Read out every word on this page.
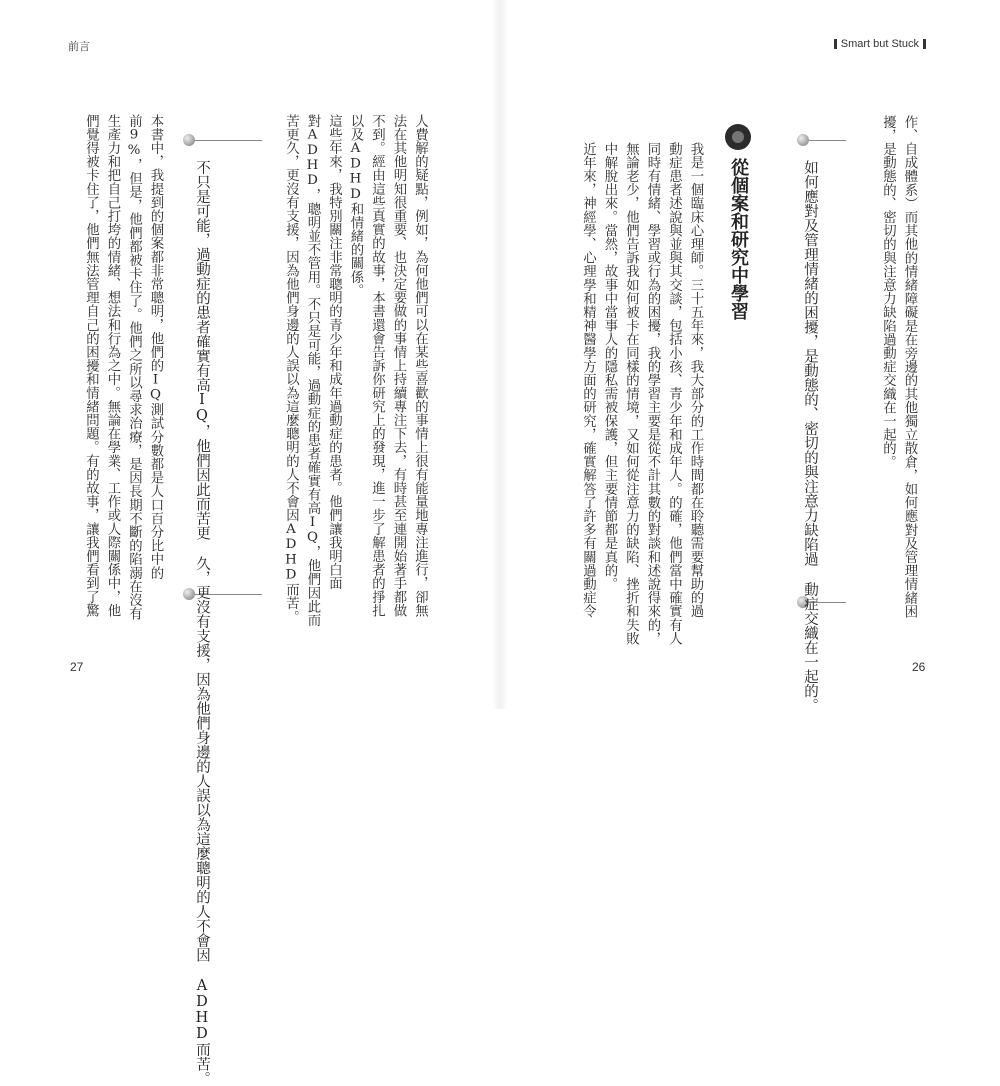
前言	Smart but Stuck
作、自成體系）而其他的情緒障礙是在旁邊的其他獨立散倉，如何應對及管理情緒困
擾，是動態的、密切的與注意力缺陷過動症交織在一起的。
如何應對及管理情緒的困擾，是動態的、密切的與注意力缺陷過 動症交織在一起的。
從個案和研究中學習
我是一個臨床心理師。三十五年來，我大部分的工作時間都在聆聽需要幫助的過
動症患者述說與並與其交談，包括小孩、青少年和成年人。的確，他們當中確實有人
同時有情緒、學習或行為的困擾，我的學習主要是從不計其數的對談和述說得來的，
無論老少，他們告訴我如何被卡在同樣的情境，又如何從注意力的缺陷、挫折和失敗
中解脫出來。當然，故事中當事人的隱私需被保護，但主要情節都是真的。
近年來，神經學、心理學和精神醫學方面的研究，確實解答了許多有關過動症令
人費解的疑點，例如，為何他們可以在某些喜歡的事情上很有能量地專注進行，卻無
法在其他明知很重要、也決定要做的事情上持續專注下去，有時甚至連開始著手都做
不到。經由這些真實的故事，本書還會告訴你研究上的發現，進一步了解患者的掙扎
以及ADHD和情緒的關係。
這些年來，我特別關注非常聰明的青少年和成年過動症的患者。他們讓我明白面
對ADHD，聰明並不管用。不只是可能，過動症的患者確實有高IQ，他們因此而
苦更久，更沒有支援，因為他們身邊的人誤以為這麼聰明的人不會因ADHD而苦。
不只是可能，過動症的患者確實有高IQ，他們因此而苦更 久，更沒有支援，因為他們身邊的人誤以為這麼聰明的人不會因 ADHD而苦。
本書中，我提到的個案都非常聰明，他們的IQ測試分數都是人口百分比中的
前9%，但是，他們都被卡住了。他們之所以尋求治療，是因長期不斷的陷溺在沒有
生產力和把自己打垮的情緒、想法和行為之中。無論在學業、工作或人際關係中，他
們覺得被卡住了，他們無法管理自己的困擾和情緒問題。有的故事，讓我們看到了驚
27	26
